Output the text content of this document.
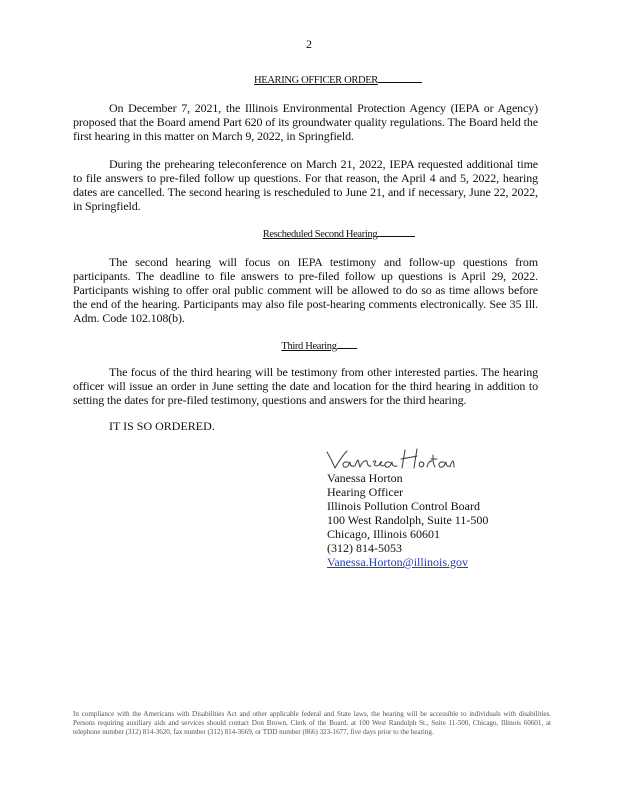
2
HEARING OFFICER ORDER

On December 7, 2021, the Illinois Environmental Protection Agency (IEPA or Agency) proposed that the Board amend Part 620 of its groundwater quality regulations. The Board held the first hearing in this matter on March 9, 2022, in Springfield.

During the prehearing teleconference on March 21, 2022, IEPA requested additional time to file answers to pre-filed follow up questions. For that reason, the April 4 and 5, 2022, hearing dates are cancelled. The second hearing is rescheduled to June 21, and if necessary, June 22, 2022, in Springfield.

Rescheduled Second Hearing

The second hearing will focus on IEPA testimony and follow-up questions from participants. The deadline to file answers to pre-filed follow up questions is April 29, 2022. Participants wishing to offer oral public comment will be allowed to do so as time allows before the end of the hearing. Participants may also file post-hearing comments electronically. See 35 Ill. Adm. Code 102.108(b).

Third Hearing

The focus of the third hearing will be testimony from other interested parties. The hearing officer will issue an order in June setting the date and location for the third hearing in addition to setting the dates for pre-filed testimony, questions and answers for the third hearing.

IT IS SO ORDERED.
Vanessa Horton
Hearing Officer
Illinois Pollution Control Board
100 West Randolph, Suite 11-500
Chicago, Illinois 60601
(312) 814-5053
Vanessa.Horton@illinois.gov

In compliance with the Americans with Disabilities Act and other applicable federal and State laws, the hearing will be accessible to individuals with disabilities. Persons requiring auxiliary aids and services should contact Don Brown, Clerk of the Board, at 100 West Randolph St., Suite 11-500, Chicago, Illinois 60601, at telephone number (312) 814-3620, fax number (312) 814-3669, or TDD number (866) 323-1677, five days prior to the hearing.
